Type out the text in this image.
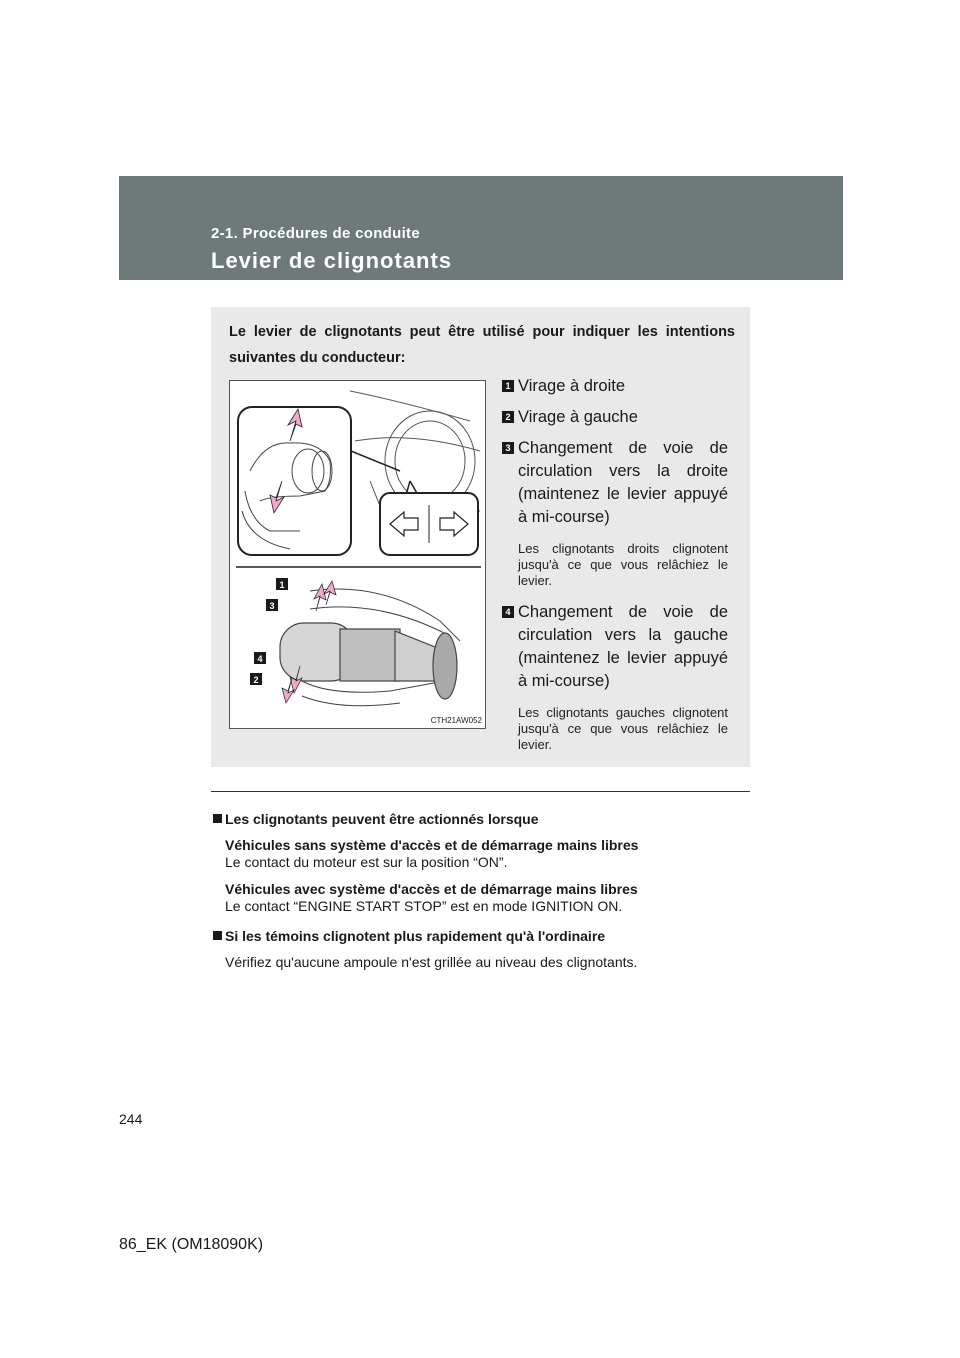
2-1. Procédures de conduite
Levier de clignotants
Le levier de clignotants peut être utilisé pour indiquer les intentions suivantes du conducteur:
1
3
4
2
CTH21AW052
1 Virage à droite
2 Virage à gauche
3 Changement de voie de circulation vers la droite (maintenez le levier appuyé à mi-course)
Les clignotants droits clignotent jusqu'à ce que vous relâchiez le levier.
4 Changement de voie de circulation vers la gauche (maintenez le levier appuyé à mi-course)
Les clignotants gauches clignotent jusqu'à ce que vous relâchiez le levier.
Les clignotants peuvent être actionnés lorsque
Véhicules sans système d'accès et de démarrage mains libres
Le contact du moteur est sur la position “ON”.
Véhicules avec système d'accès et de démarrage mains libres
Le contact “ENGINE START STOP” est en mode IGNITION ON.
Si les témoins clignotent plus rapidement qu'à l'ordinaire
Vérifiez qu'aucune ampoule n'est grillée au niveau des clignotants.
244
86_EK (OM18090K)
